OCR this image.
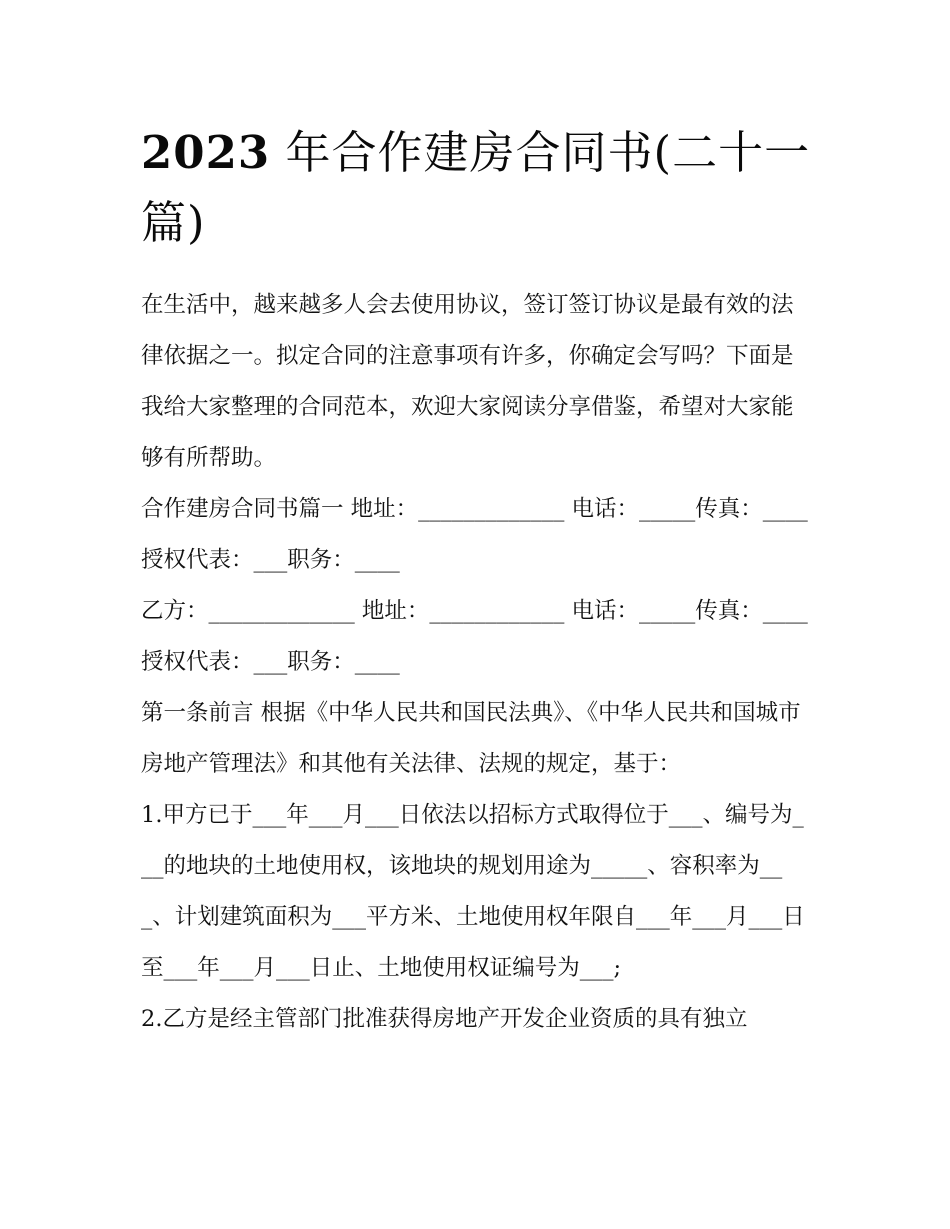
2023 年合作建房合同书(二十一篇)

在生活中，越来越多人会去使用协议，签订签订协议是最有效的法律依据之一。拟定合同的注意事项有许多，你确定会写吗？下面是我给大家整理的合同范本，欢迎大家阅读分享借鉴，希望对大家能够有所帮助。

合作建房合同书篇一 地址：_____________ 电话：_____传真：____ 授权代表：___职务：____

乙方：_____________ 地址：____________ 电话：_____传真：____ 授权代表：___职务：____

第一条前言 根据《中华人民共和国民法典》、《中华人民共和国城市房地产管理法》和其他有关法律、法规的规定，基于：

1.甲方已于___年___月___日依法以招标方式取得位于___、编号为___的地块的土地使用权，该地块的规划用途为_____、容积率为___、计划建筑面积为___平方米、土地使用权年限自___年___月___日至___年___月___日止、土地使用权证编号为___;

2.乙方是经主管部门批准获得房地产开发企业资质的具有独立
